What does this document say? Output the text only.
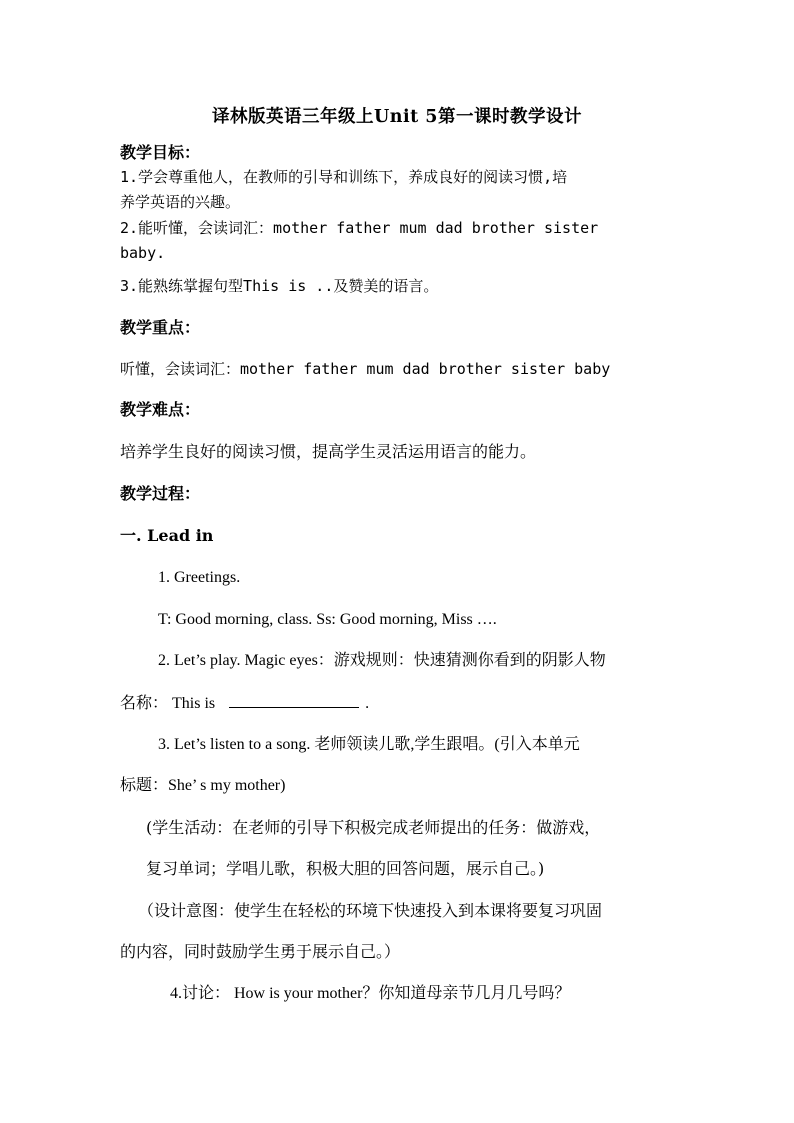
译林版英语三年级上Unit 5第一课时教学设计
教学目标：
1.学会尊重他人，在教师的引导和训练下，养成良好的阅读习惯,培
养学英语的兴趣。
2.能听懂，会读词汇：mother father mum dad brother sister
baby.
3.能熟练掌握句型This is ..及赞美的语言。
教学重点：
听懂，会读词汇：mother father mum dad brother sister baby
教学难点：
培养学生良好的阅读习惯，提高学生灵活运用语言的能力。
教学过程：
一. Lead in
1. Greetings.
T: Good morning, class. Ss: Good morning, Miss ….
2. Let’s play. Magic eyes：游戏规则：快速猜测你看到的阴影人物
名称： This is	.
3. Let’s listen to a song. 老师领读儿歌,学生跟唱。(引入本单元
标题：She’ s my mother)
(学生活动：在老师的引导下积极完成老师提出的任务：做游戏，
复习单词；学唱儿歌，积极大胆的回答问题，展示自己。)
（设计意图：使学生在轻松的环境下快速投入到本课将要复习巩固
的内容，同时鼓励学生勇于展示自己。）
4.讨论： How is your mother？你知道母亲节几月几号吗？
